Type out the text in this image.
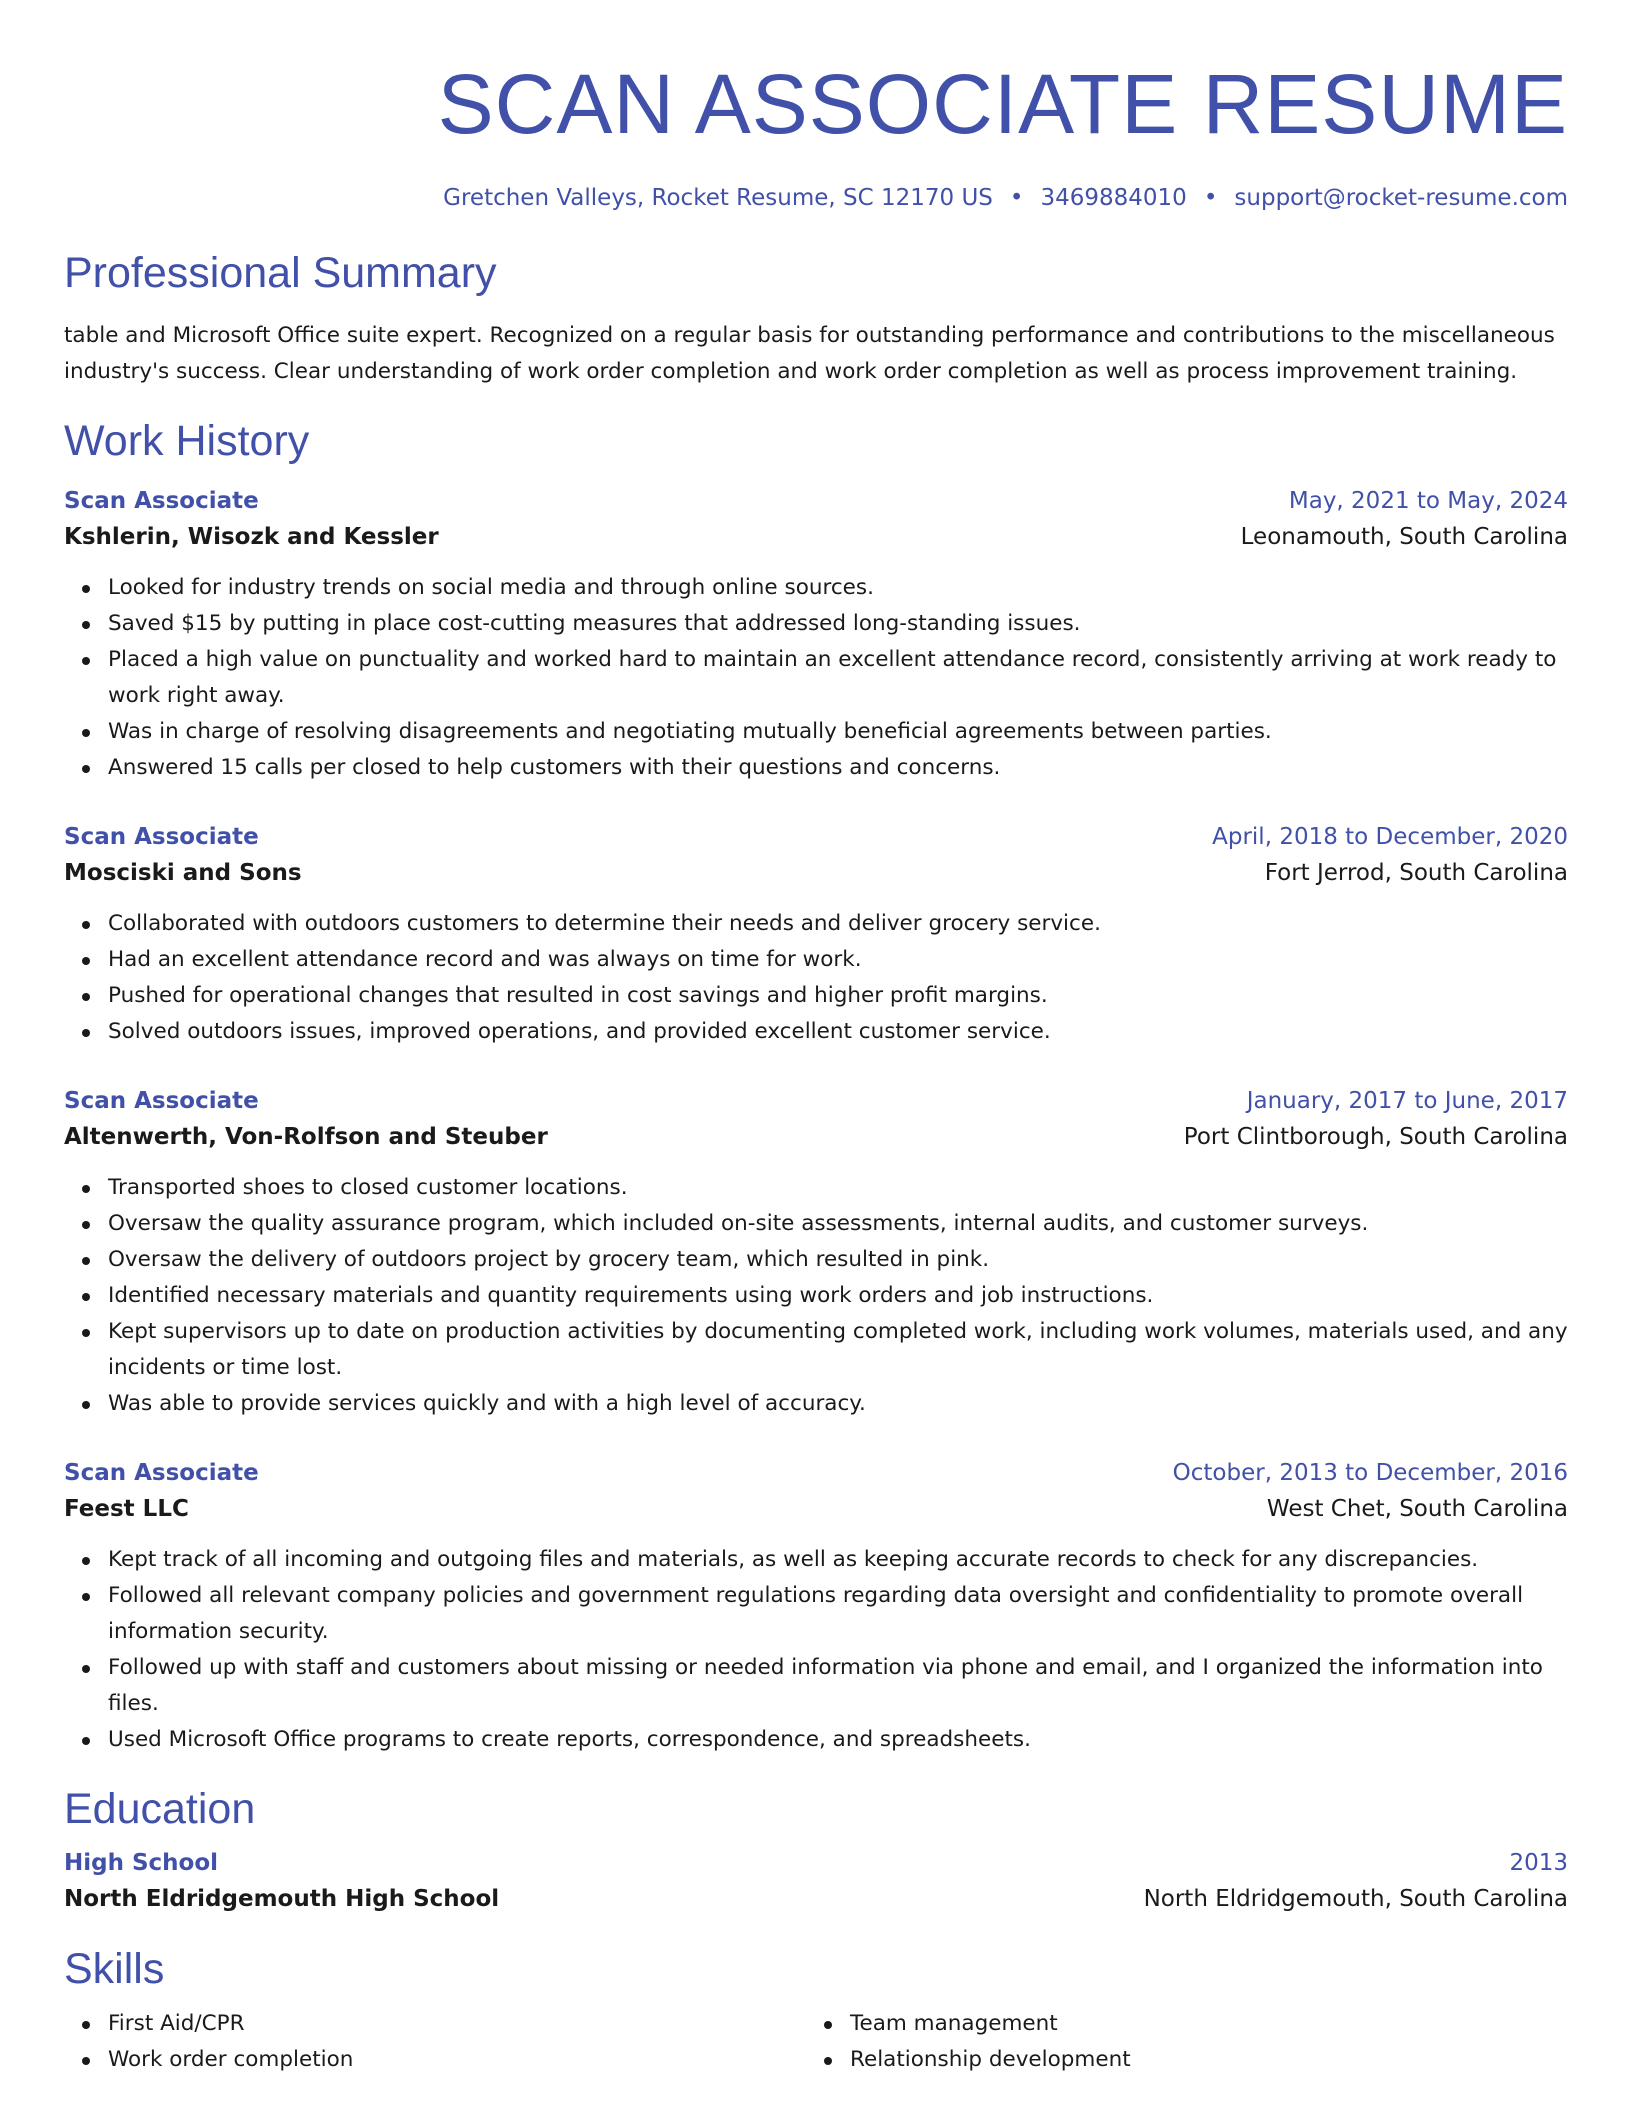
SCAN ASSOCIATE RESUME
Gretchen Valleys, Rocket Resume, SC 12170 US • 3469884010 • support@rocket-resume.com
Professional Summary
table and Microsoft Office suite expert. Recognized on a regular basis for outstanding performance and contributions to the miscellaneous industry's success. Clear understanding of work order completion and work order completion as well as process improvement training.
Work History
Scan Associate	May, 2021 to May, 2024
Kshlerin, Wisozk and Kessler	Leonamouth, South Carolina
Looked for industry trends on social media and through online sources.
Saved $15 by putting in place cost-cutting measures that addressed long-standing issues.
Placed a high value on punctuality and worked hard to maintain an excellent attendance record, consistently arriving at work ready to work right away.
Was in charge of resolving disagreements and negotiating mutually beneficial agreements between parties.
Answered 15 calls per closed to help customers with their questions and concerns.
Scan Associate	April, 2018 to December, 2020
Mosciski and Sons	Fort Jerrod, South Carolina
Collaborated with outdoors customers to determine their needs and deliver grocery service.
Had an excellent attendance record and was always on time for work.
Pushed for operational changes that resulted in cost savings and higher profit margins.
Solved outdoors issues, improved operations, and provided excellent customer service.
Scan Associate	January, 2017 to June, 2017
Altenwerth, Von-Rolfson and Steuber	Port Clintborough, South Carolina
Transported shoes to closed customer locations.
Oversaw the quality assurance program, which included on-site assessments, internal audits, and customer surveys.
Oversaw the delivery of outdoors project by grocery team, which resulted in pink.
Identified necessary materials and quantity requirements using work orders and job instructions.
Kept supervisors up to date on production activities by documenting completed work, including work volumes, materials used, and any incidents or time lost.
Was able to provide services quickly and with a high level of accuracy.
Scan Associate	October, 2013 to December, 2016
Feest LLC	West Chet, South Carolina
Kept track of all incoming and outgoing files and materials, as well as keeping accurate records to check for any discrepancies.
Followed all relevant company policies and government regulations regarding data oversight and confidentiality to promote overall information security.
Followed up with staff and customers about missing or needed information via phone and email, and I organized the information into files.
Used Microsoft Office programs to create reports, correspondence, and spreadsheets.
Education
High School	2013
North Eldridgemouth High School	North Eldridgemouth, South Carolina
Skills
First Aid/CPR
Work order completion
Team management
Relationship development
